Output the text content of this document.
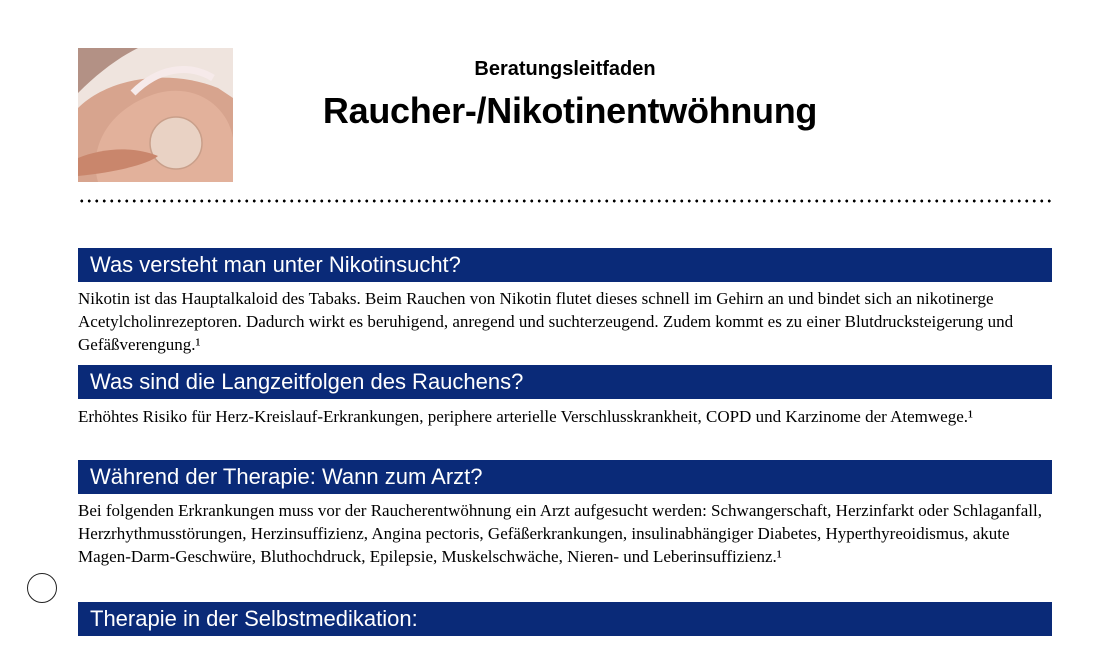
Beratungsleitfaden
Raucher-/Nikotinentwöhnung
Was versteht man unter Nikotinsucht?
Nikotin ist das Hauptalkaloid des Tabaks. Beim Rauchen von Nikotin flutet dieses schnell im Gehirn an und bindet sich an nikotinerge Acetylcholinrezeptoren. Dadurch wirkt es beruhigend, anregend und suchterzeugend. Zudem kommt es zu einer Blutdrucksteigerung und Gefäßverengung.¹
Was sind die Langzeitfolgen des Rauchens?
Erhöhtes Risiko für Herz-Kreislauf-Erkrankungen, periphere arterielle Verschlusskrankheit, COPD und Karzinome der Atemwege.¹
Während der Therapie: Wann zum Arzt?
Bei folgenden Erkrankungen muss vor der Raucherentwöhnung ein Arzt aufgesucht werden: Schwangerschaft, Herzinfarkt oder Schlaganfall, Herzrhythmusstörungen, Herzinsuffizienz, Angina pectoris, Gefäßerkrankungen, insulinabhängiger Diabetes, Hyperthyreoidismus, akute Magen-Darm-Geschwüre, Bluthochdruck, Epilepsie, Muskelschwäche, Nieren- und Leberinsuffizienz.¹
Therapie in der Selbstmedikation:
